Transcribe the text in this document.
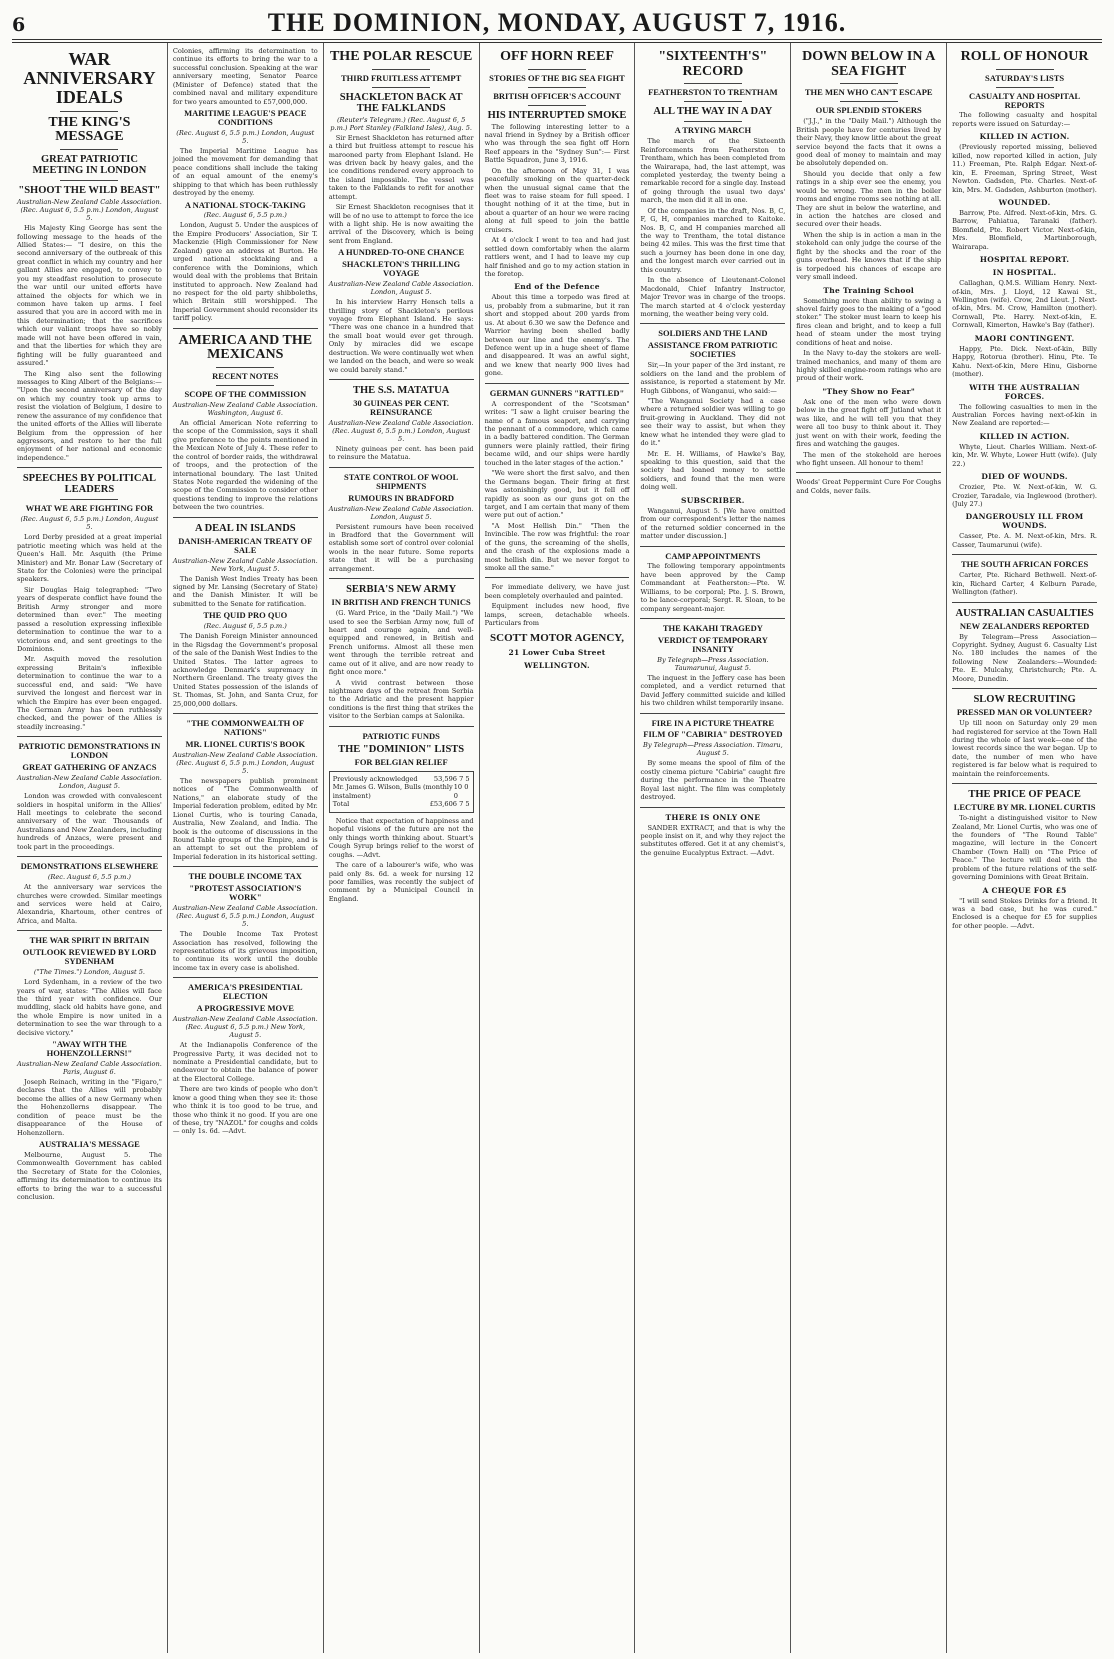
6	THE DOMINION, MONDAY, AUGUST 7, 1916.
WAR ANNIVERSARY IDEALS
THE KING'S MESSAGE
GREAT PATRIOTIC MEETING IN LONDON
"SHOOT THE WILD BEAST"
Australian-New Zealand Cable Association. (Rec. August 6, 5.5 p.m.) London, August 5.

His Majesty King George has sent the following message to the heads of the Allied States:— "I desire, on this the second anniversary of the outbreak of this great conflict in which my country and her gallant Allies are engaged, to convey to you my steadfast resolution to prosecute the war until our united efforts have attained the objects for which we in common have taken up arms. I feel assured that you are in accord with me in this determination; that the sacrifices which our valiant troops have so nobly made will not have been offered in vain, and that the liberties for which they are fighting will be fully guaranteed and assured."

The King also sent the following messages to King Albert of the Belgians:— "Upon the second anniversary of the day on which my country took up arms to resist the violation of Belgium, I desire to renew the assurance of my confidence that the united efforts of the Allies will liberate Belgium from the oppression of her aggressors, and restore to her the full enjoyment of her national and economic independence."

SPEECHES BY POLITICAL LEADERS
WHAT WE ARE FIGHTING FOR
(Rec. August 6, 5.5 p.m.) London, August 5.

Lord Derby presided at a great imperial patriotic meeting which was held at the Queen's Hall. Mr. Asquith (the Prime Minister) and Mr. Bonar Law (Secretary of State for the Colonies) were the principal speakers.

Sir Douglas Haig telegraphed: "Two years of desperate conflict have found the British Army stronger and more determined than ever." The meeting passed a resolution expressing inflexible determination to continue the war to a victorious end, and sent greetings to the Dominions.

Mr. Asquith moved the resolution expressing Britain's inflexible determination to continue the war to a successful end, and said: "We have survived the longest and fiercest war in which the Empire has ever been engaged. The German Army has been ruthlessly checked, and the power of the Allies is steadily increasing."

PATRIOTIC DEMONSTRATIONS IN LONDON
GREAT GATHERING OF ANZACS
Australian-New Zealand Cable Association. London, August 5.

London was crowded with convalescent soldiers in hospital uniform in the Allies' Hall meetings to celebrate the second anniversary of the war. Thousands of Australians and New Zealanders, including hundreds of Anzacs, were present and took part in the proceedings.

DEMONSTRATIONS ELSEWHERE
(Rec. August 6, 5.5 p.m.)

At the anniversary war services the churches were crowded. Similar meetings and services were held at Cairo, Alexandria, Khartoum, other centres of Africa, and Malta.

THE WAR SPIRIT IN BRITAIN
OUTLOOK REVIEWED BY LORD SYDENHAM
("The Times.") London, August 5.

Lord Sydenham, in a review of the two years of war, states: "The Allies will face the third year with confidence. Our muddling, slack old habits have gone, and the whole Empire is now united in a determination to see the war through to a decisive victory."

"AWAY WITH THE HOHENZOLLERNS!"
Australian-New Zealand Cable Association. Paris, August 6.

Joseph Reinach, writing in the "Figaro," declares that the Allies will probably become the allies of a new Germany when the Hohenzollerns disappear. The condition of peace must be the disappearance of the House of Hohenzollern.

AUSTRALIA'S MESSAGE

Melbourne, August 5. The Commonwealth Government has cabled the Secretary of State for the Colonies, affirming its determination to continue its efforts to bring the war to a successful conclusion.

Colonies, affirming its determination to continue its efforts to bring the war to a successful conclusion. Speaking at the war anniversary meeting, Senator Pearce (Minister of Defence) stated that the combined naval and military expenditure for two years amounted to £57,000,000.

MARITIME LEAGUE'S PEACE CONDITIONS
(Rec. August 6, 5.5 p.m.) London, August 5.

The Imperial Maritime League has joined the movement for demanding that peace conditions shall include the taking of an equal amount of the enemy's shipping to that which has been ruthlessly destroyed by the enemy.

A NATIONAL STOCK-TAKING
(Rec. August 6, 5.5 p.m.)

London, August 5. Under the auspices of the Empire Producers' Association, Sir T. Mackenzie (High Commissioner for New Zealand) gave an address at Burton. He urged national stocktaking and a conference with the Dominions, which would deal with the problems that Britain instituted to approach. New Zealand had no respect for the old party shibboleths, which Britain still worshipped. The Imperial Government should reconsider its tariff policy.

AMERICA AND THE MEXICANS
RECENT NOTES
SCOPE OF THE COMMISSION
Australian-New Zealand Cable Association. Washington, August 6.

An official American Note referring to the scope of the Commission, says it shall give preference to the points mentioned in the Mexican Note of July 4. These refer to the control of border raids, the withdrawal of troops, and the protection of the international boundary. The last United States Note regarded the widening of the scope of the Commission to consider other questions tending to improve the relations between the two countries.

A DEAL IN ISLANDS
DANISH-AMERICAN TREATY OF SALE
Australian-New Zealand Cable Association. New York, August 5.

The Danish West Indies Treaty has been signed by Mr. Lansing (Secretary of State) and the Danish Minister. It will be submitted to the Senate for ratification.

THE QUID PRO QUO
(Rec. August 6, 5.5 p.m.)

The Danish Foreign Minister announced in the Rigsdag the Government's proposal of the sale of the Danish West Indies to the United States. The latter agrees to acknowledge Denmark's supremacy in Northern Greenland. The treaty gives the United States possession of the islands of St. Thomas, St. John, and Santa Cruz, for 25,000,000 dollars.

"THE COMMONWEALTH OF NATIONS"
MR. LIONEL CURTIS'S BOOK
Australian-New Zealand Cable Association. (Rec. August 6, 5.5 p.m.) London, August 5.

The newspapers publish prominent notices of "The Commonwealth of Nations," an elaborate study of the Imperial federation problem, edited by Mr. Lionel Curtis, who is touring Canada, Australia, New Zealand, and India. The book is the outcome of discussions in the Round Table groups of the Empire, and is an attempt to set out the problem of Imperial federation in its historical setting.

THE DOUBLE INCOME TAX
"PROTEST ASSOCIATION'S WORK"
Australian-New Zealand Cable Association. (Rec. August 6, 5.5 p.m.) London, August 5.

The Double Income Tax Protest Association has resolved, following the representations of its grievous imposition, to continue its work until the double income tax in every case is abolished.

AMERICA'S PRESIDENTIAL ELECTION
A PROGRESSIVE MOVE
Australian-New Zealand Cable Association. (Rec. August 6, 5.5 p.m.) New York, August 5.

At the Indianapolis Conference of the Progressive Party, it was decided not to nominate a Presidential candidate, but to endeavour to obtain the balance of power at the Electoral College.

There are two kinds of people who don't know a good thing when they see it: those who think it is too good to be true, and those who think it no good. If you are one of these, try "NAZOL" for coughs and colds — only 1s. 6d. —Advt.

THE POLAR RESCUE
THIRD FRUITLESS ATTEMPT
SHACKLETON BACK AT THE FALKLANDS
(Reuter's Telegram.) (Rec. August 6, 5 p.m.) Port Stanley (Falkland Isles), Aug. 5.

Sir Ernest Shackleton has returned after a third but fruitless attempt to rescue his marooned party from Elephant Island. He was driven back by heavy gales, and the ice conditions rendered every approach to the island impossible. The vessel was taken to the Falklands to refit for another attempt.

Sir Ernest Shackleton recognises that it will be of no use to attempt to force the ice with a light ship. He is now awaiting the arrival of the Discovery, which is being sent from England.

A HUNDRED-TO-ONE CHANCE
SHACKLETON'S THRILLING VOYAGE
Australian-New Zealand Cable Association. London, August 5.

In his interview Harry Hensch tells a thrilling story of Shackleton's perilous voyage from Elephant Island. He says: "There was one chance in a hundred that the small boat would ever get through. Only by miracles did we escape destruction. We were continually wet when we landed on the beach, and were so weak we could barely stand."

THE S.S. MATATUA
30 GUINEAS PER CENT. REINSURANCE
Australian-New Zealand Cable Association. (Rec. August 6, 5.5 p.m.) London, August 5.

Ninety guineas per cent. has been paid to reinsure the Matatua.

STATE CONTROL OF WOOL SHIPMENTS
RUMOURS IN BRADFORD
Australian-New Zealand Cable Association. London, August 5.

Persistent rumours have been received in Bradford that the Government will establish some sort of control over colonial wools in the near future. Some reports state that it will be a purchasing arrangement.

SERBIA'S NEW ARMY
IN BRITISH AND FRENCH TUNICS

(G. Ward Price, in the "Daily Mail.") "We used to see the Serbian Army now, full of heart and courage again, and well-equipped and renewed, in British and French uniforms. Almost all these men went through the terrible retreat and came out of it alive, and are now ready to fight once more."

A vivid contrast between those nightmare days of the retreat from Serbia to the Adriatic and the present happier conditions is the first thing that strikes the visitor to the Serbian camps at Salonika.

PATRIOTIC FUNDS
THE "DOMINION" LISTS
FOR BELGIAN RELIEF
Previously acknowledged 53,596 7 5
Mr. James G. Wilson, Bulls (monthly instalment)
10 0 0
Total	£53,606 7 5

Notice that expectation of happiness and hopeful visions of the future are not the only things worth thinking about. Stuart's Cough Syrup brings relief to the worst of coughs. —Advt.

The care of a labourer's wife, who was paid only 8s. 6d. a week for nursing 12 poor families, was recently the subject of comment by a Municipal Council in England.

OFF HORN REEF
STORIES OF THE BIG SEA FIGHT
BRITISH OFFICER'S ACCOUNT
HIS INTERRUPTED SMOKE

The following interesting letter to a naval friend in Sydney by a British officer who was through the sea fight off Horn Reef appears in the "Sydney Sun":— First Battle Squadron, June 3, 1916.

On the afternoon of May 31, I was peacefully smoking on the quarter-deck when the unusual signal came that the fleet was to raise steam for full speed. I thought nothing of it at the time, but in about a quarter of an hour we were racing along at full speed to join the battle cruisers.

At 4 o'clock I went to tea and had just settled down comfortably when the alarm rattlers went, and I had to leave my cup half finished and go to my action station in the foretop.

End of the Defence

About this time a torpedo was fired at us, probably from a submarine, but it ran short and stopped about 200 yards from us. At about 6.30 we saw the Defence and Warrior having been shelled badly between our line and the enemy's. The Defence went up in a huge sheet of flame and disappeared. It was an awful sight, and we knew that nearly 900 lives had gone.

GERMAN GUNNERS "RATTLED"

A correspondent of the "Scotsman" writes: "I saw a light cruiser bearing the name of a famous seaport, and carrying the pennant of a commodore, which came in a badly battered condition. The German gunners were plainly rattled, their firing became wild, and our ships were hardly touched in the later stages of the action."

"We were short the first salvo, and then the Germans began. Their firing at first was astonishingly good, but it fell off rapidly as soon as our guns got on the target, and I am certain that many of them were put out of action."

"A Most Hellish Din." "Then the Invincible. The row was frightful: the roar of the guns, the screaming of the shells, and the crash of the explosions made a most hellish din. But we never forgot to smoke all the same."

For immediate delivery, we have just been completely overhauled and painted.

Equipment includes new hood, five lamps, screen, detachable wheels. Particulars from

SCOTT MOTOR AGENCY,
21 Lower Cuba Street
WELLINGTON.
"SIXTEENTH'S" RECORD
FEATHERSTON TO TRENTHAM
ALL THE WAY IN A DAY
A TRYING MARCH

The march of the Sixteenth Reinforcements from Featherston to Trentham, which has been completed from the Wairarapa, had, the last attempt, was completed yesterday, the twenty being a remarkable record for a single day. Instead of going through the usual two days' march, the men did it all in one.

Of the companies in the draft, Nos. B, C, F, G, H, companies marched to Kaitoke. Nos. B, C, and H companies marched all the way to Trentham, the total distance being 42 miles. This was the first time that such a journey has been done in one day, and the longest march ever carried out in this country.

In the absence of Lieutenant-Colonel Macdonald, Chief Infantry Instructor, Major Trevor was in charge of the troops. The march started at 4 o'clock yesterday morning, the weather being very cold.

SOLDIERS AND THE LAND
ASSISTANCE FROM PATRIOTIC SOCIETIES

Sir,—In your paper of the 3rd instant, re soldiers on the land and the problem of assistance, is reported a statement by Mr. Hugh Gibbons, of Wanganui, who said:—

"The Wanganui Society had a case where a returned soldier was willing to go fruit-growing in Auckland. They did not see their way to assist, but when they knew what he intended they were glad to do it."

Mr. E. H. Williams, of Hawke's Bay, speaking to this question, said that the society had loaned money to settle soldiers, and found that the men were doing well.

SUBSCRIBER.

Wanganui, August 5. [We have omitted from our correspondent's letter the names of the returned soldier concerned in the matter under discussion.]

CAMP APPOINTMENTS

The following temporary appointments have been approved by the Camp Commandant at Featherston:—Pte. W. Williams, to be corporal; Pte. J. S. Brown, to be lance-corporal; Sergt. R. Sloan, to be company sergeant-major.

THE KAKAHI TRAGEDY
VERDICT OF TEMPORARY INSANITY
By Telegraph—Press Association. Taumarunui, August 5.

The inquest in the Jeffery case has been completed, and a verdict returned that David Jeffery committed suicide and killed his two children whilst temporarily insane.

FIRE IN A PICTURE THEATRE
FILM OF "CABIRIA" DESTROYED
By Telegraph—Press Association. Timaru, August 5.

By some means the spool of film of the costly cinema picture "Cabiria" caught fire during the performance in the Theatre Royal last night. The film was completely destroyed.

THERE IS ONLY ONE

SANDER EXTRACT, and that is why the people insist on it, and why they reject the substitutes offered. Get it at any chemist's, the genuine Eucalyptus Extract. —Advt.

DOWN BELOW IN A SEA FIGHT
THE MEN WHO CAN'T ESCAPE
OUR SPLENDID STOKERS

("J.J.," in the "Daily Mail.") Although the British people have for centuries lived by their Navy, they know little about the great service beyond the facts that it owns a good deal of money to maintain and may be absolutely depended on.

Should you decide that only a few ratings in a ship ever see the enemy, you would be wrong. The men in the boiler rooms and engine rooms see nothing at all. They are shut in below the waterline, and in action the hatches are closed and secured over their heads.

When the ship is in action a man in the stokehold can only judge the course of the fight by the shocks and the roar of the guns overhead. He knows that if the ship is torpedoed his chances of escape are very small indeed.

The Training School

Something more than ability to swing a shovel fairly goes to the making of a "good stoker." The stoker must learn to keep his fires clean and bright, and to keep a full head of steam under the most trying conditions of heat and noise.

In the Navy to-day the stokers are well-trained mechanics, and many of them are highly skilled engine-room ratings who are proud of their work.

"They Show no Fear"

Ask one of the men who were down below in the great fight off Jutland what it was like, and he will tell you that they were all too busy to think about it. They just went on with their work, feeding the fires and watching the gauges.

The men of the stokehold are heroes who fight unseen. All honour to them!

Woods' Great Peppermint Cure For Coughs and Colds, never fails.

ROLL OF HONOUR
SATURDAY'S LISTS
CASUALTY AND HOSPITAL REPORTS

The following casualty and hospital reports were issued on Saturday:—

KILLED IN ACTION.

(Previously reported missing, believed killed, now reported killed in action, July 11.) Freeman, Pte. Ralph Edgar. Next-of-kin, E. Freeman, Spring Street, West Newton. Gadsden, Pte. Charles. Next-of-kin, Mrs. M. Gadsden, Ashburton (mother).

WOUNDED.

Barrow, Pte. Alfred. Next-of-kin, Mrs. G. Barrow, Pahiatua, Taranaki (father). Blomfield, Pte. Robert Victor. Next-of-kin, Mrs. Blomfield, Martinborough, Wairarapa.

HOSPITAL REPORT.
IN HOSPITAL.

Callaghan, Q.M.S. William Henry. Next-of-kin, Mrs. J. Lloyd, 12 Kawai St., Wellington (wife). Crow, 2nd Lieut. J. Next-of-kin, Mrs. M. Crow, Hamilton (mother). Cornwall, Pte. Harry. Next-of-kin, E. Cornwall, Kimerton, Hawke's Bay (father).

MAORI CONTINGENT.

Happy, Pte. Dick. Next-of-kin, Billy Happy, Rotorua (brother). Hinu, Pte. Te Kahu. Next-of-kin, Mere Hinu, Gisborne (mother).

WITH THE AUSTRALIAN FORCES.

The following casualties to men in the Australian Forces having next-of-kin in New Zealand are reported:—

KILLED IN ACTION.

Whyte, Lieut. Charles William. Next-of-kin, Mr. W. Whyte, Lower Hutt (wife). (July 22.)

DIED OF WOUNDS.

Crozier, Pte. W. Next-of-kin, W. G. Crozier, Taradale, via Inglewood (brother). (July 27.)

DANGEROUSLY ILL FROM WOUNDS.

Casser, Pte. A. M. Next-of-kin, Mrs. R. Casser, Taumarunui (wife).

THE SOUTH AFRICAN FORCES

Carter, Pte. Richard Bethwell. Next-of-kin, Richard Carter, 4 Kelburn Parade, Wellington (father).

AUSTRALIAN CASUALTIES
NEW ZEALANDERS REPORTED

By Telegram—Press Association—Copyright. Sydney, August 6. Casualty List No. 180 includes the names of the following New Zealanders:—Wounded: Pte. E. Mulcahy, Christchurch; Pte. A. Moore, Dunedin.

SLOW RECRUITING
PRESSED MAN OR VOLUNTEER?

Up till noon on Saturday only 29 men had registered for service at the Town Hall during the whole of last week—one of the lowest records since the war began. Up to date, the number of men who have registered is far below what is required to maintain the reinforcements.

THE PRICE OF PEACE
LECTURE BY MR. LIONEL CURTIS

To-night a distinguished visitor to New Zealand, Mr. Lionel Curtis, who was one of the founders of "The Round Table" magazine, will lecture in the Concert Chamber (Town Hall) on "The Price of Peace." The lecture will deal with the problem of the future relations of the self-governing Dominions with Great Britain.

A CHEQUE FOR £5

"I will send Stokes Drinks for a friend. It was a bad case, but he was cured." Enclosed is a cheque for £5 for supplies for other people. —Advt.
